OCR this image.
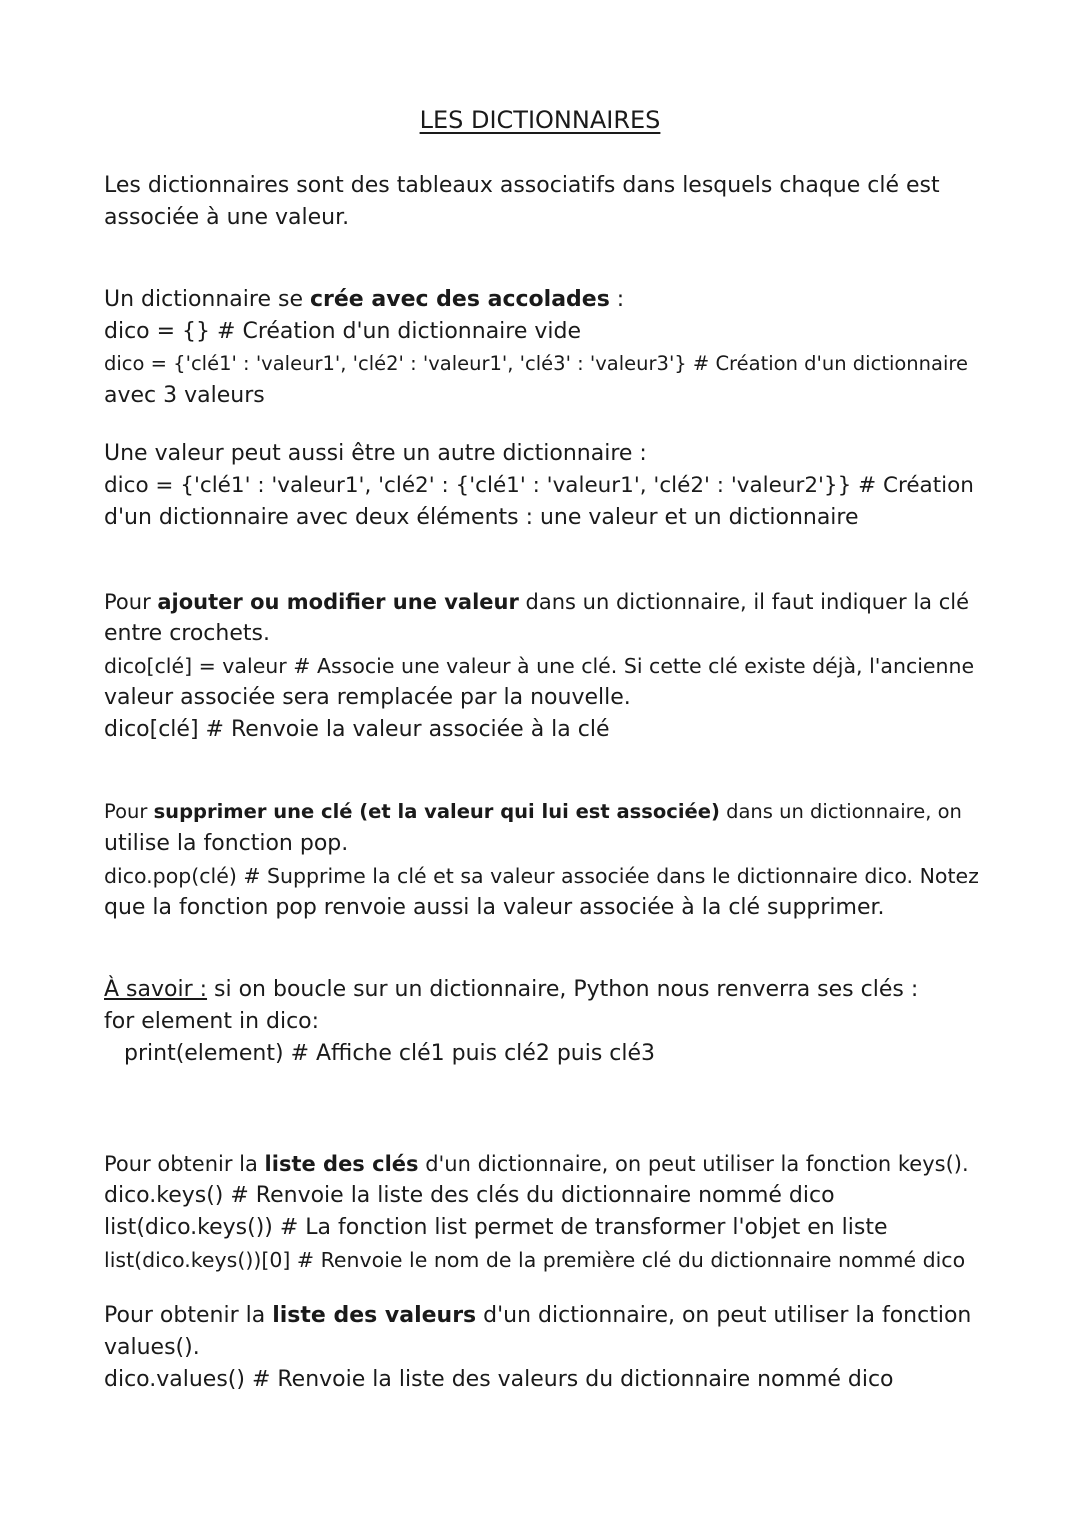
LES DICTIONNAIRES
Les dictionnaires sont des tableaux associatifs dans lesquels chaque clé est
associée à une valeur.
Un dictionnaire se crée avec des accolades :
dico = {} # Création d'un dictionnaire vide
dico = {'clé1' : 'valeur1', 'clé2' : 'valeur1', 'clé3' : 'valeur3'} # Création d'un dictionnaire
avec 3 valeurs
Une valeur peut aussi être un autre dictionnaire :
dico = {'clé1' : 'valeur1', 'clé2' : {'clé1' : 'valeur1', 'clé2' : 'valeur2'}} # Création
d'un dictionnaire avec deux éléments : une valeur et un dictionnaire
Pour ajouter ou modifier une valeur dans un dictionnaire, il faut indiquer la clé
entre crochets.
dico[clé] = valeur # Associe une valeur à une clé. Si cette clé existe déjà, l'ancienne
valeur associée sera remplacée par la nouvelle.
dico[clé] # Renvoie la valeur associée à la clé
Pour supprimer une clé (et la valeur qui lui est associée) dans un dictionnaire, on
utilise la fonction pop.
dico.pop(clé) # Supprime la clé et sa valeur associée dans le dictionnaire dico. Notez
que la fonction pop renvoie aussi la valeur associée à la clé supprimer.
À savoir : si on boucle sur un dictionnaire, Python nous renverra ses clés :
for element in dico:
print(element) # Affiche clé1 puis clé2 puis clé3
Pour obtenir la liste des clés d'un dictionnaire, on peut utiliser la fonction keys().
dico.keys() # Renvoie la liste des clés du dictionnaire nommé dico
list(dico.keys()) # La fonction list permet de transformer l'objet en liste
list(dico.keys())[0] # Renvoie le nom de la première clé du dictionnaire nommé dico
Pour obtenir la liste des valeurs d'un dictionnaire, on peut utiliser la fonction
values().
dico.values() # Renvoie la liste des valeurs du dictionnaire nommé dico
